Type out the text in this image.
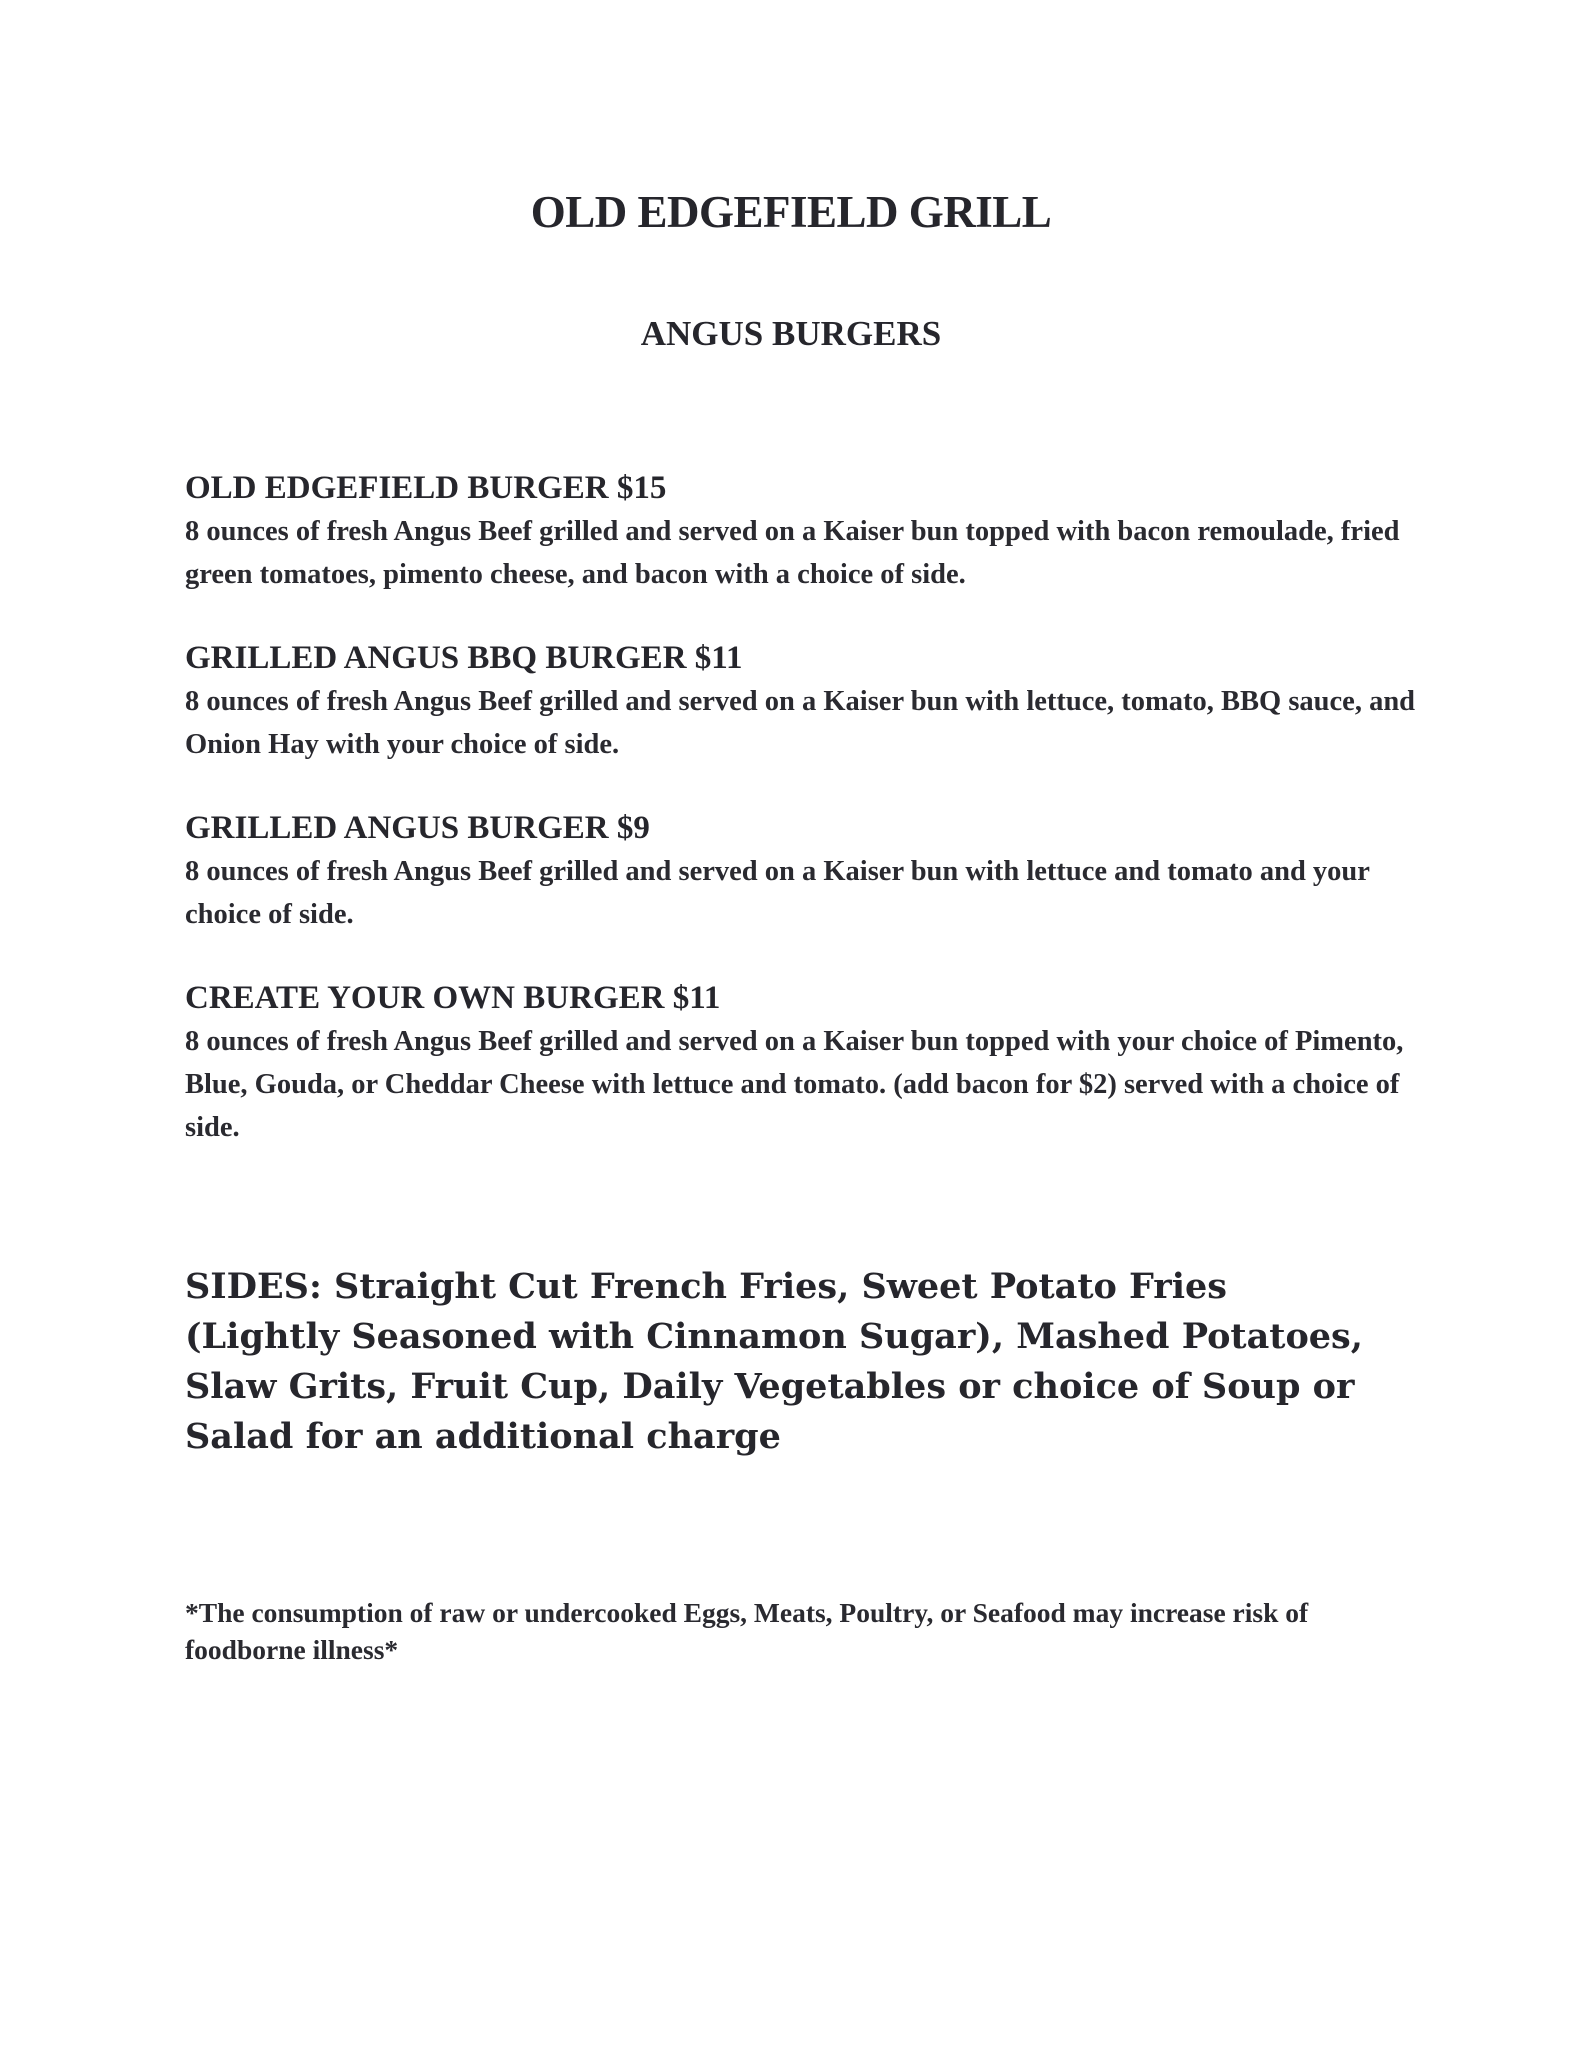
OLD EDGEFIELD GRILL
ANGUS BURGERS
OLD EDGEFIELD BURGER $15
8 ounces of fresh Angus Beef grilled and served on a Kaiser bun topped with bacon remoulade, fried green tomatoes, pimento cheese, and bacon with a choice of side.
GRILLED ANGUS BBQ BURGER $11
8 ounces of fresh Angus Beef grilled and served on a Kaiser bun with lettuce, tomato, BBQ sauce, and Onion Hay with your choice of side.
GRILLED ANGUS BURGER $9
8 ounces of fresh Angus Beef grilled and served on a Kaiser bun with lettuce and tomato and your choice of side.
CREATE YOUR OWN BURGER $11
8 ounces of fresh Angus Beef grilled and served on a Kaiser bun topped with your choice of Pimento, Blue, Gouda, or Cheddar Cheese with lettuce and tomato. (add bacon for $2) served with a choice of side.
SIDES: Straight Cut French Fries, Sweet Potato Fries (Lightly Seasoned with Cinnamon Sugar), Mashed Potatoes, Slaw Grits, Fruit Cup, Daily Vegetables or choice of Soup or Salad for an additional charge
*The consumption of raw or undercooked Eggs, Meats, Poultry, or Seafood may increase risk of foodborne illness*
